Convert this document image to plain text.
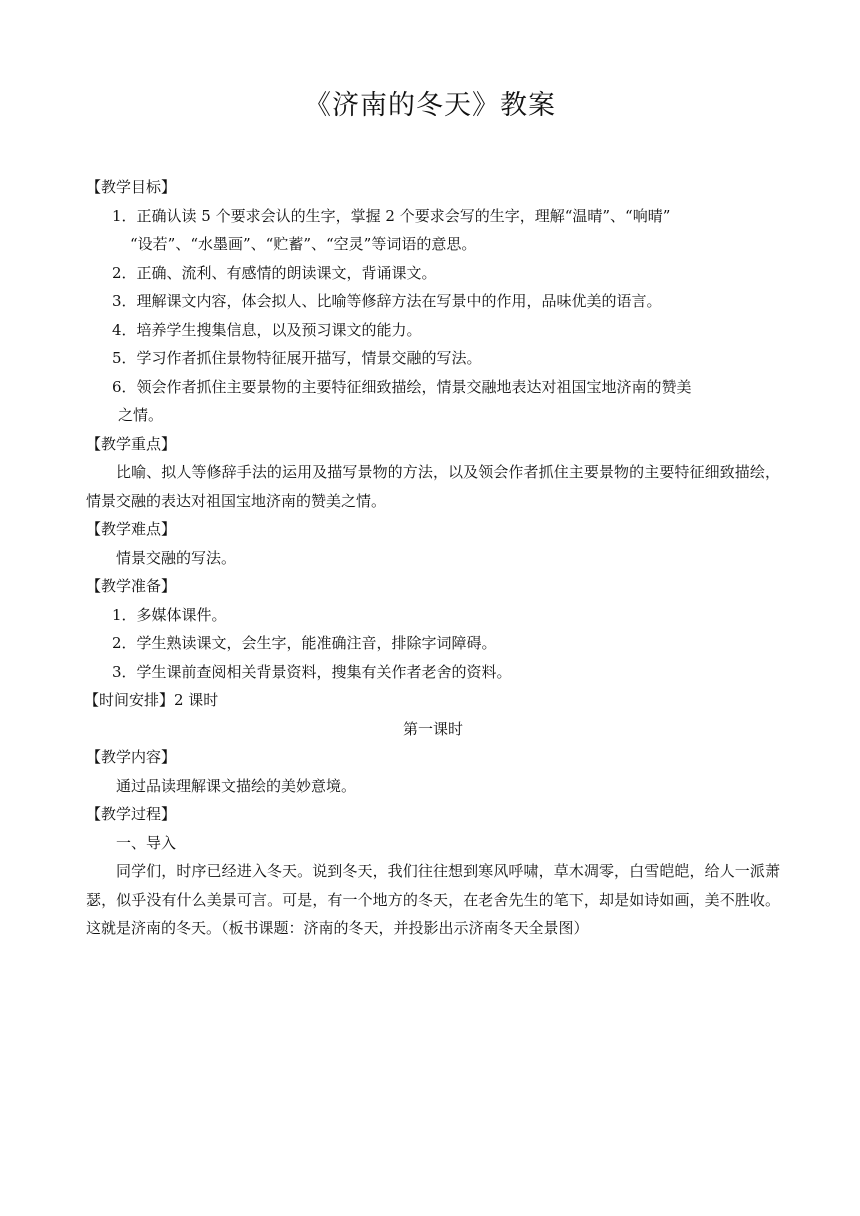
《济南的冬天》教案

【教学目标】

1．正确认读 5 个要求会认的生字，掌握 2 个要求会写的生字，理解“温晴”、“响晴”
“设若”、“水墨画”、“贮蓄”、“空灵”等词语的意思。

2．正确、流利、有感情的朗读课文，背诵课文。

3．理解课文内容，体会拟人、比喻等修辞方法在写景中的作用，品味优美的语言。

4．培养学生搜集信息，以及预习课文的能力。

5．学习作者抓住景物特征展开描写，情景交融的写法。

6．领会作者抓住主要景物的主要特征细致描绘，情景交融地表达对祖国宝地济南的赞美
之情。

【教学重点】

比喻、拟人等修辞手法的运用及描写景物的方法，以及领会作者抓住主要景物的主要特征细致描绘，情景交融的表达对祖国宝地济南的赞美之情。

【教学难点】

情景交融的写法。

【教学准备】

1．多媒体课件。

2．学生熟读课文，会生字，能准确注音，排除字词障碍。

3．学生课前查阅相关背景资料，搜集有关作者老舍的资料。

【时间安排】2 课时

第一课时

【教学内容】

通过品读理解课文描绘的美妙意境。

【教学过程】

一、导入

同学们，时序已经进入冬天。说到冬天，我们往往想到寒风呼啸，草木凋零，白雪皑皑，给人一派萧瑟，似乎没有什么美景可言。可是，有一个地方的冬天，在老舍先生的笔下，却是如诗如画，美不胜收。这就是济南的冬天。（板书课题：济南的冬天，并投影出示济南冬天全景图）
